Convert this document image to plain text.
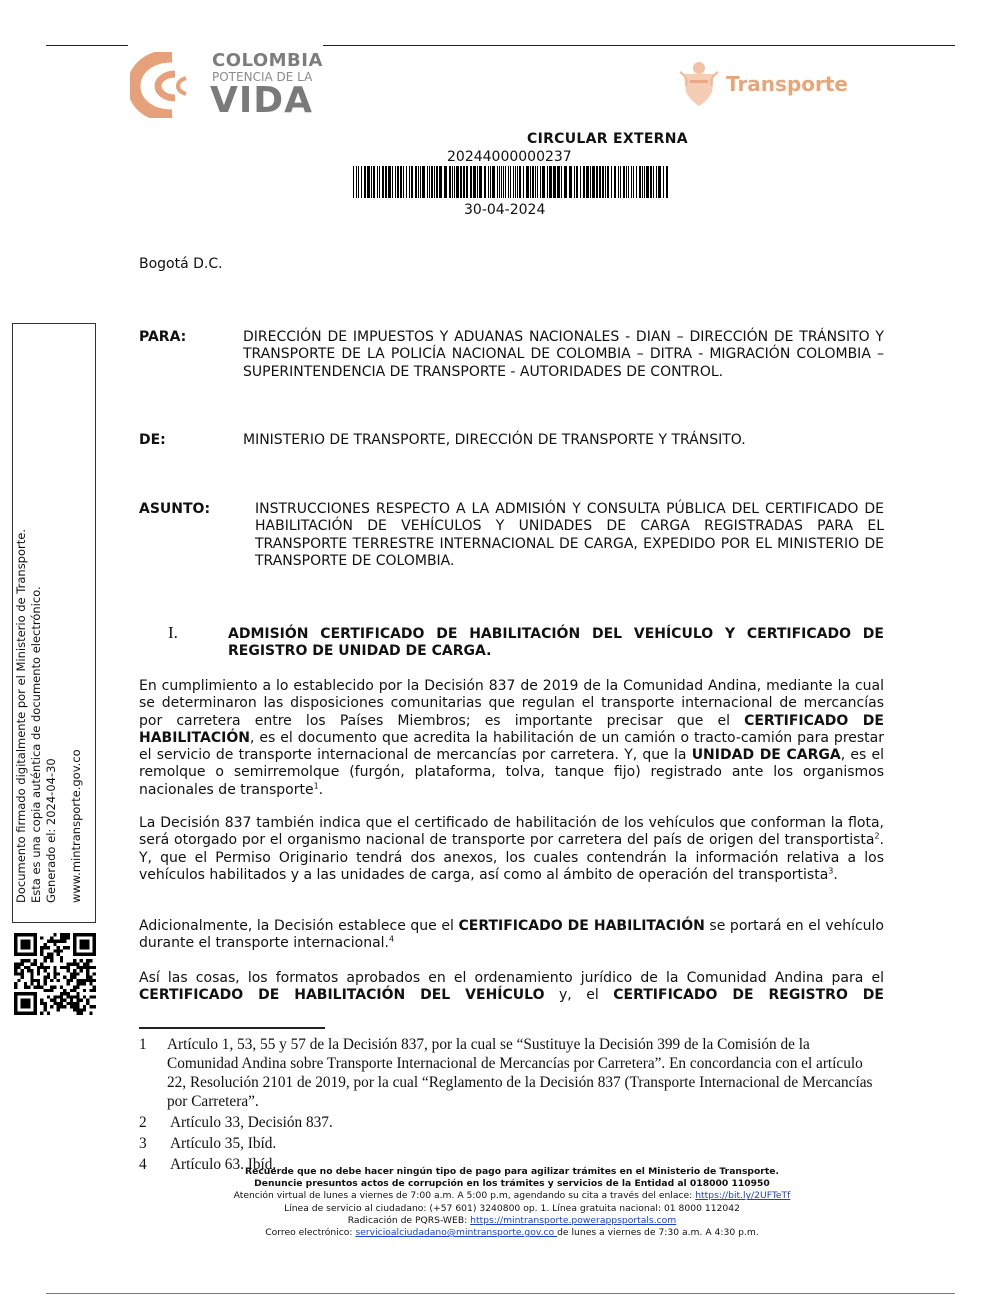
COLOMBIA
POTENCIA DE LA
VIDA	Transporte
CIRCULAR EXTERNA
20244000000237
30-04-2024
Bogotá D.C.
PARA:	DIRECCIÓN DE IMPUESTOS Y ADUANAS NACIONALES - DIAN – DIRECCIÓN DE TRÁNSITO Y TRANSPORTE DE LA POLICÍA NACIONAL DE COLOMBIA – DITRA - MIGRACIÓN COLOMBIA – SUPERINTENDENCIA DE TRANSPORTE - AUTORIDADES DE CONTROL.
DE:	MINISTERIO DE TRANSPORTE, DIRECCIÓN DE TRANSPORTE Y TRÁNSITO.
ASUNTO:	INSTRUCCIONES RESPECTO A LA ADMISIÓN Y CONSULTA PÚBLICA DEL CERTIFICADO DE HABILITACIÓN DE VEHÍCULOS Y UNIDADES DE CARGA REGISTRADAS PARA EL TRANSPORTE TERRESTRE INTERNACIONAL DE CARGA, EXPEDIDO POR EL MINISTERIO DE TRANSPORTE DE COLOMBIA.
I.	ADMISIÓN CERTIFICADO DE HABILITACIÓN DEL VEHÍCULO Y CERTIFICADO DE REGISTRO DE UNIDAD DE CARGA.
En cumplimiento a lo establecido por la Decisión 837 de 2019 de la Comunidad Andina, mediante la cual se determinaron las disposiciones comunitarias que regulan el transporte internacional de mercancías por carretera entre los Países Miembros; es importante precisar que el CERTIFICADO DE HABILITACIÓN, es el documento que acredita la habilitación de un camión o tracto-camión para prestar el servicio de transporte internacional de mercancías por carretera. Y, que la UNIDAD DE CARGA, es el remolque o semirremolque (furgón, plataforma, tolva, tanque fijo) registrado ante los organismos nacionales de transporte$^1$.
La Decisión 837 también indica que el certificado de habilitación de los vehículos que conforman la flota, será otorgado por el organismo nacional de transporte por carretera del país de origen del transportista$^2$. Y, que el Permiso Originario tendrá dos anexos, los cuales contendrán la información relativa a los vehículos habilitados y a las unidades de carga, así como al ámbito de operación del transportista$^3$.
Adicionalmente, la Decisión establece que el CERTIFICADO DE HABILITACIÓN se portará en el vehículo durante el transporte internacional.$^4$
Así las cosas, los formatos aprobados en el ordenamiento jurídico de la Comunidad Andina para el CERTIFICADO DE HABILITACIÓN DEL VEHÍCULO y, el CERTIFICADO DE REGISTRO DE
1	Artículo 1, 53, 55 y 57 de la Decisión 837, por la cual se “Sustituye la Decisión 399 de la Comisión de la Comunidad Andina sobre Transporte Internacional de Mercancías por Carretera”. En concordancia con el artículo 22, Resolución 2101 de 2019, por la cual “Reglamento de la Decisión 837 (Transporte Internacional de Mercancías por Carretera”.
2	Artículo 33, Decisión 837.
3	Artículo 35, Ibíd.
4	Artículo 63. Ibíd.
Documento firmado digitalmente por el Ministerio de Transporte. Esta es una copia auténtica de documento electrónico. Generado el: 2024-04-30 www.mintransporte.gov.co
Recuerde que no debe hacer ningún tipo de pago para agilizar trámites en el Ministerio de Transporte.
Denuncie presuntos actos de corrupción en los trámites y servicios de la Entidad al 018000 110950
Atención virtual de lunes a viernes de 7:00 a.m. A 5:00 p.m, agendando su cita a través del enlace: https://bit.ly/2UFTeTf
Línea de servicio al ciudadano: (+57 601) 3240800 op. 1. Línea gratuita nacional: 01 8000 112042
Radicación de PQRS-WEB: https://mintransporte.powerappsportals.com
Correo electrónico: servicioalciudadano@mintransporte.gov.co de lunes a viernes de 7:30 a.m. A 4:30 p.m.
